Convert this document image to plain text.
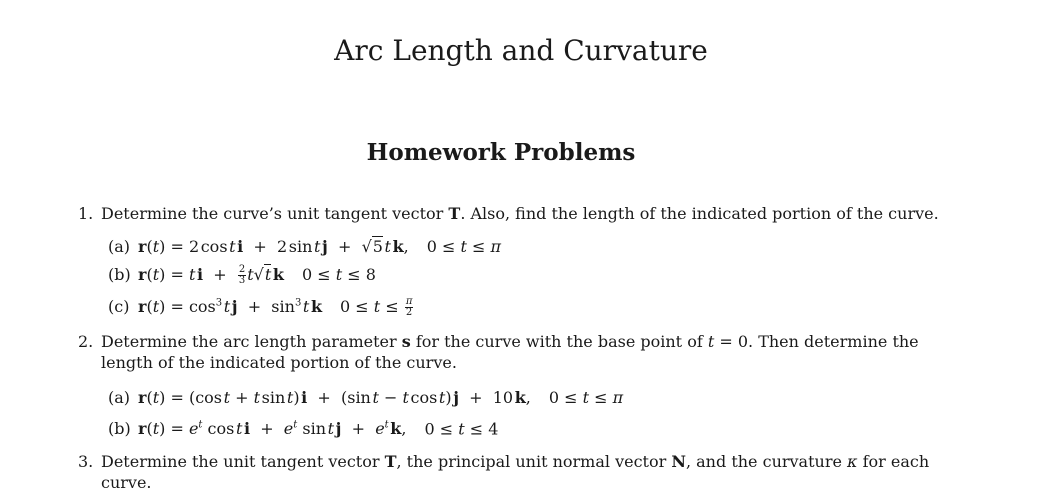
Arc Length and Curvature
Homework Problems
1. Determine the curve’s unit tangent vector T. Also, find the length of the indicated portion of the curve.
(a) r(t) = 2 cos t i  +  2 sin t j  +  √5 t k, 0 ≤ t ≤ π
(b) r(t) = t $i + \frac{2}{3} t√t$ k 0 ≤ t ≤ 8
(c) $r(t) = \cos^3$ t $j + \sin^3$ t k $0 \le t \le \frac{\pi}{2}$
2. Determine the arc length parameter s for the curve with the base point of t = 0. Then determine the length of the indicated portion of the curve.
(a) r(t) = (cos t + t sin t) i  +  (sin t − t cos t) j  +  10 k, 0 ≤ t ≤ π
(b) $r(t) = e^t$ cos t $i + e^t$ sin t $j + e^t$ k, 0 ≤ t ≤ 4
3. Determine the unit tangent vector T, the principal unit normal vector N, and the curvature κ for each curve.
